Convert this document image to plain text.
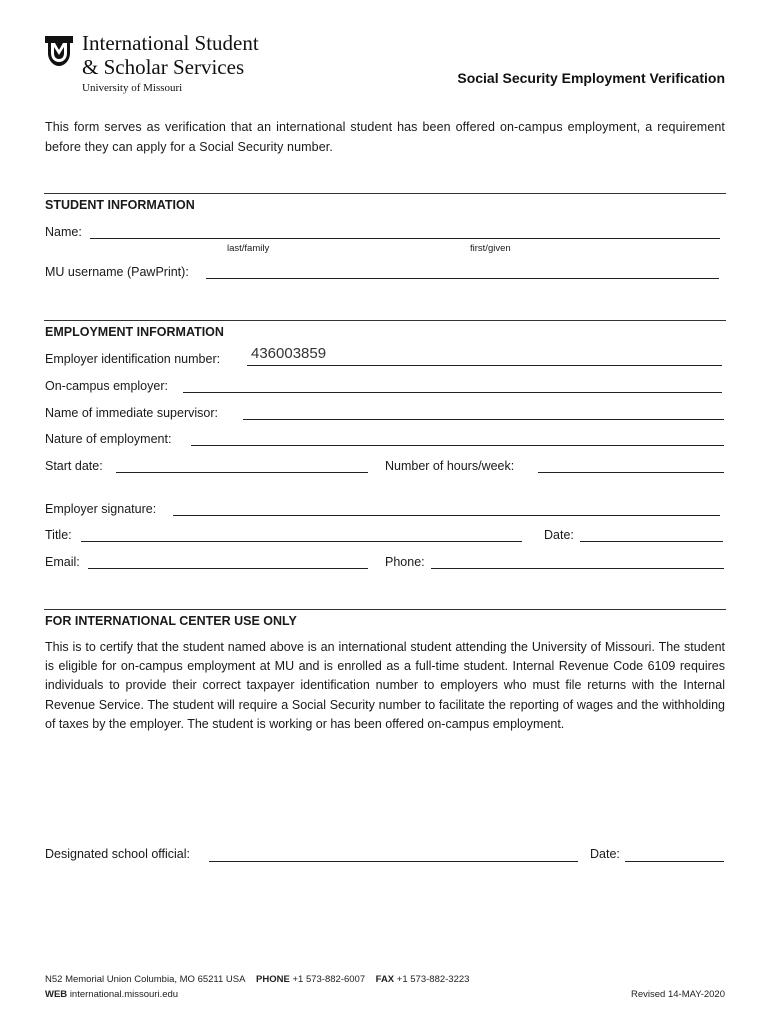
International Student
& Scholar Services
University of Missouri
Social Security Employment Verification
This form serves as verification that an international student has been offered on-campus employment, a requirement before they can apply for a Social Security number.
STUDENT INFORMATION
Name:
last/family	first/given
MU username (PawPrint):
EMPLOYMENT INFORMATION
Employer identification number: 436003859
On-campus employer:
Name of immediate supervisor:
Nature of employment:
Start date:	Number of hours/week:
Employer signature:
Title:	Date:
Email:	Phone:
FOR INTERNATIONAL CENTER USE ONLY
This is to certify that the student named above is an international student attending the University of Missouri. The student is eligible for on-campus employment at MU and is enrolled as a full-time student. Internal Revenue Code 6109 requires individuals to provide their correct taxpayer identification number to employers who must file returns with the Internal Revenue Service. The student will require a Social Security number to facilitate the reporting of wages and the withholding of taxes by the employer. The student is working or has been offered on-campus employment.
Designated school official:	Date:
N52 Memorial Union Columbia, MO 65211 USA PHONE +1 573-882-6007 FAX +1 573-882-3223
WEB international.missouri.edu	Revised 14-MAY-2020
